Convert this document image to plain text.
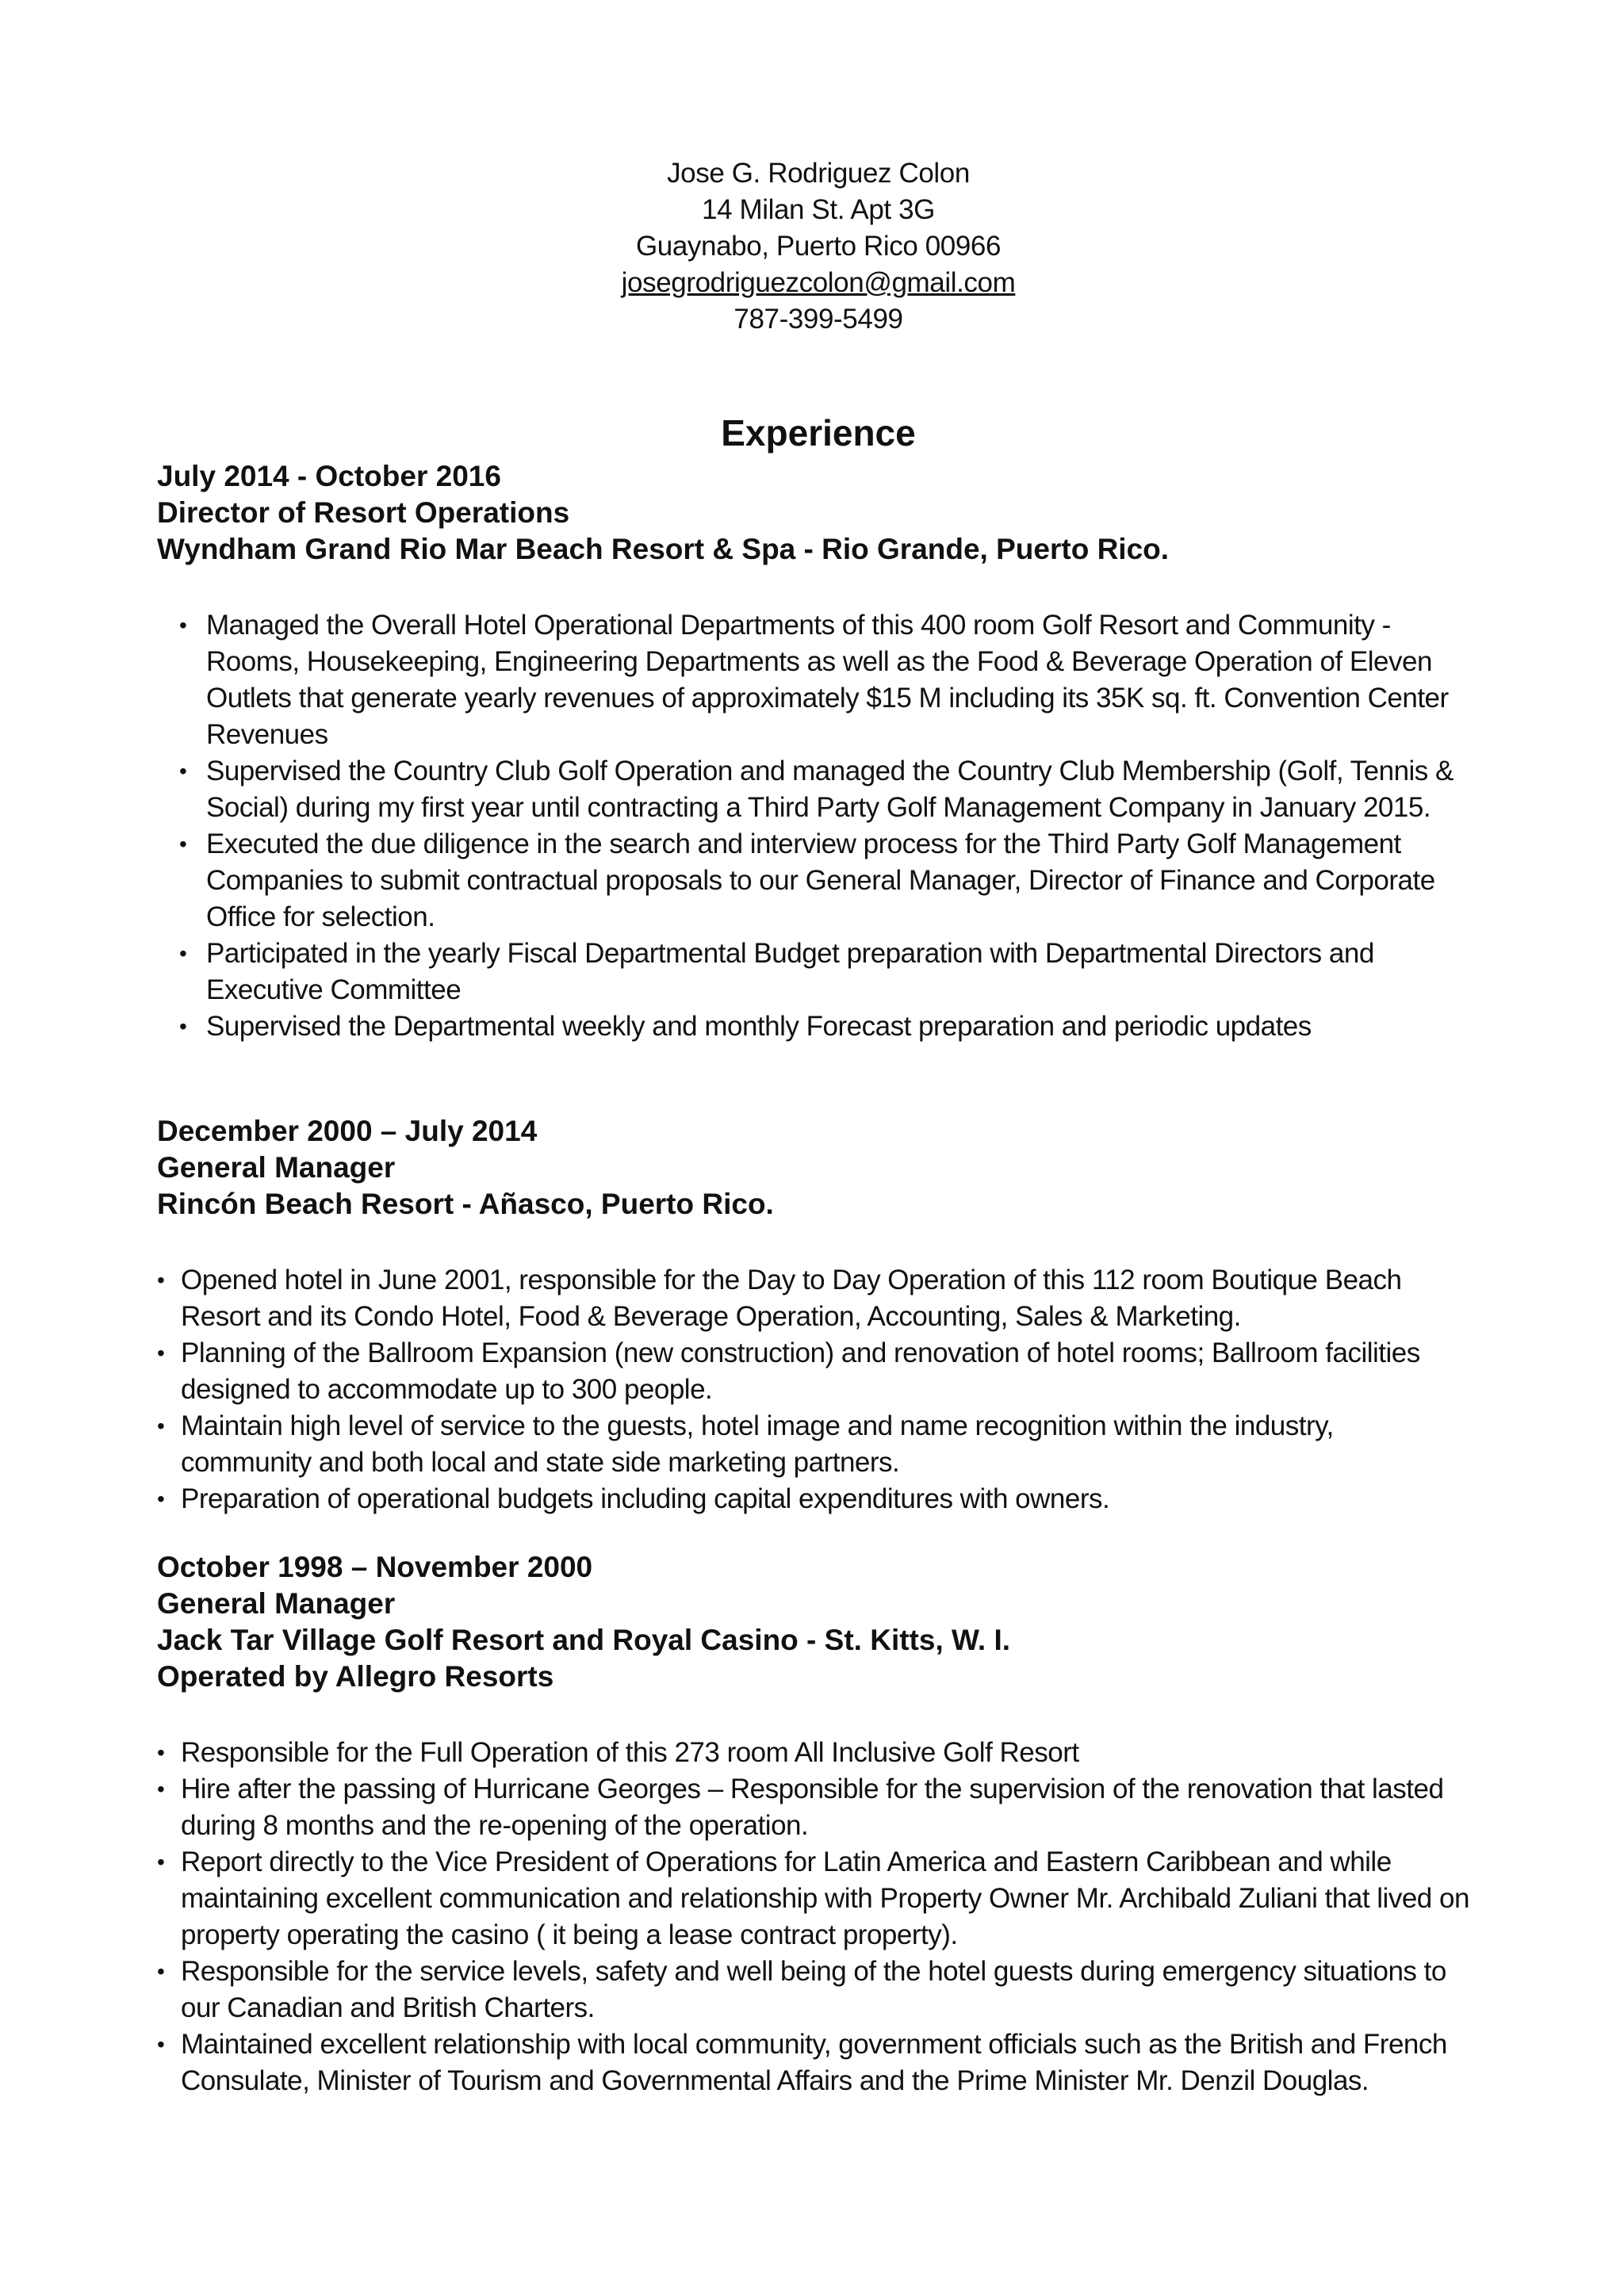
Jose G. Rodriguez Colon
14 Milan St. Apt 3G
Guaynabo, Puerto Rico 00966
josegrodriguezcolon@gmail.com
787-399-5499
Experience
July 2014 - October 2016
Director of Resort Operations
Wyndham Grand Rio Mar Beach Resort & Spa - Rio Grande, Puerto Rico.
• Managed the Overall Hotel Operational Departments of this 400 room Golf Resort and Community - Rooms, Housekeeping, Engineering Departments as well as the Food & Beverage Operation of Eleven Outlets that generate yearly revenues of approximately $15 M including its 35K sq. ft. Convention Center Revenues
• Supervised the Country Club Golf Operation and managed the Country Club Membership (Golf, Tennis & Social) during my first year until contracting a Third Party Golf Management Company in January 2015.
• Executed the due diligence in the search and interview process for the Third Party Golf Management Companies to submit contractual proposals to our General Manager, Director of Finance and Corporate Office for selection.
• Participated in the yearly Fiscal Departmental Budget preparation with Departmental Directors and Executive Committee
• Supervised the Departmental weekly and monthly Forecast preparation and periodic updates
December 2000 – July 2014
General Manager
Rincón Beach Resort - Añasco, Puerto Rico.
• Opened hotel in June 2001, responsible for the Day to Day Operation of this 112 room Boutique Beach Resort and its Condo Hotel, Food & Beverage Operation, Accounting, Sales & Marketing.
• Planning of the Ballroom Expansion (new construction) and renovation of hotel rooms; Ballroom facilities designed to accommodate up to 300 people.
• Maintain high level of service to the guests, hotel image and name recognition within the industry, community and both local and state side marketing partners.
• Preparation of operational budgets including capital expenditures with owners.
October 1998 – November 2000
General Manager
Jack Tar Village Golf Resort and Royal Casino - St. Kitts, W. I.
Operated by Allegro Resorts
• Responsible for the Full Operation of this 273 room All Inclusive Golf Resort
• Hire after the passing of Hurricane Georges – Responsible for the supervision of the renovation that lasted during 8 months and the re-opening of the operation.
• Report directly to the Vice President of Operations for Latin America and Eastern Caribbean and while maintaining excellent communication and relationship with Property Owner Mr. Archibald Zuliani that lived on property operating the casino ( it being a lease contract property).
• Responsible for the service levels, safety and well being of the hotel guests during emergency situations to our Canadian and British Charters.
• Maintained excellent relationship with local community, government officials such as the British and French Consulate, Minister of Tourism and Governmental Affairs and the Prime Minister Mr. Denzil Douglas.
